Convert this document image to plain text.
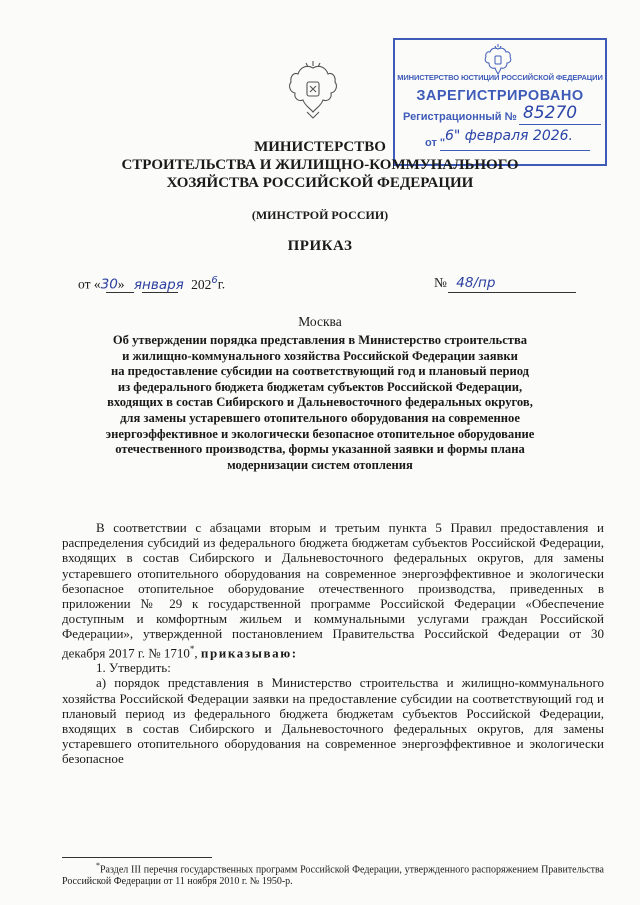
МИНИСТЕРСТВО ЮСТИЦИИ РОССИЙСКОЙ ФЕДЕРАЦИИ
ЗАРЕГИСТРИРОВАНО
Регистрационный № 85270
от " 6" февраля 2026.
МИНИСТЕРСТВО
СТРОИТЕЛЬСТВА И ЖИЛИЩНО-КОММУНАЛЬНОГО
ХОЗЯЙСТВА РОССИЙСКОЙ ФЕДЕРАЦИИ
(МИНСТРОЙ РОССИИ)
ПРИКАЗ
от «30» января $202^6г$.	№ 48/пр
Москва
Об утверждении порядка представления в Министерство строительства
и жилищно-коммунального хозяйства Российской Федерации заявки
на предоставление субсидии на соответствующий год и плановый период
из федерального бюджета бюджетам субъектов Российской Федерации,
входящих в состав Сибирского и Дальневосточного федеральных округов,
для замены устаревшего отопительного оборудования на современное
энергоэффективное и экологически безопасное отопительное оборудование
отечественного производства, формы указанной заявки и формы плана
модернизации систем отопления

В соответствии с абзацами вторым и третьим пункта 5 Правил предоставления и распределения субсидий из федерального бюджета бюджетам субъектов Российской Федерации, входящих в состав Сибирского и Дальневосточного федеральных округов, для замены устаревшего отопительного оборудования на современное энергоэффективное и экологически безопасное отопительное оборудование отечественного производства, приведенных в приложении № 29 к государственной программе Российской Федерации «Обеспечение доступным и комфортным жильем и коммунальными услугами граждан Российской Федерации», утвержденной постановлением Правительства Российской Федерации от 30 декабря 2017 г. № 1710*, приказываю:

1. Утвердить:

а) порядок представления в Министерство строительства и жилищно-коммунального хозяйства Российской Федерации заявки на предоставление субсидии на соответствующий год и плановый период из федерального бюджета бюджетам субъектов Российской Федерации, входящих в состав Сибирского и Дальневосточного федеральных округов, для замены устаревшего отопительного оборудования на современное энергоэффективное и экологически безопасное

*Раздел III перечня государственных программ Российской Федерации, утвержденного распоряжением Правительства Российской Федерации от 11 ноября 2010 г. № 1950-р.
